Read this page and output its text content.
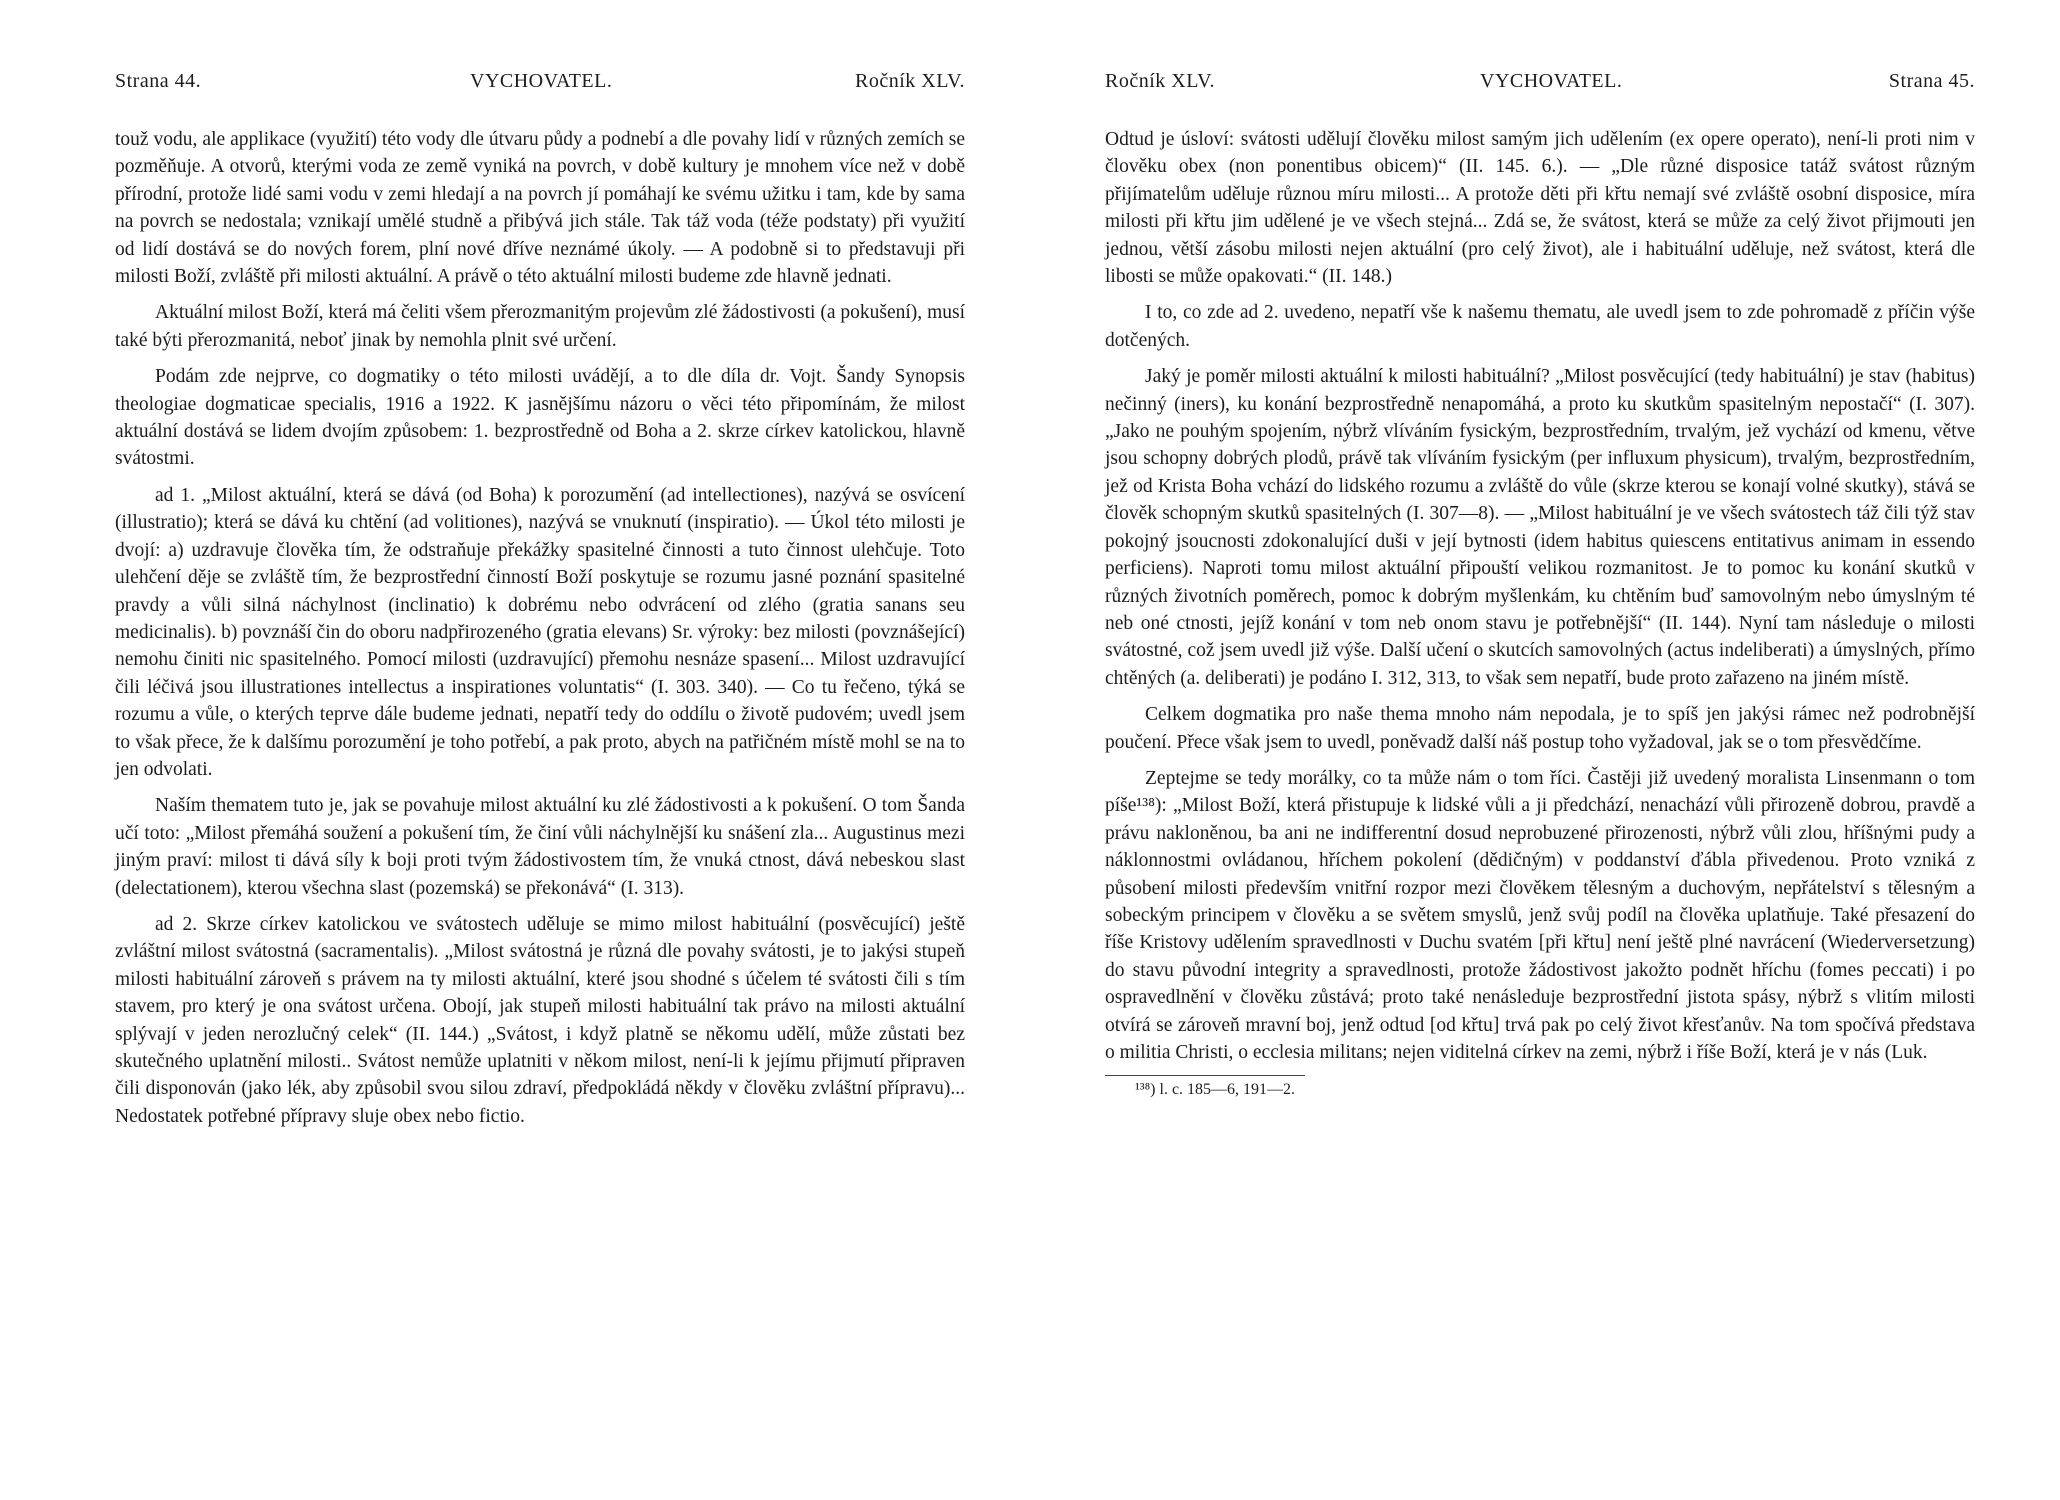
Strana 44.	VYCHOVATEL.	Ročník XLV.

touž vodu, ale applikace (využití) této vody dle útvaru půdy a podnebí a dle povahy lidí v různých zemích se pozměňuje. A otvorů, kterými voda ze země vyniká na povrch, v době kultury je mnohem více než v době přírodní, protože lidé sami vodu v zemi hledají a na povrch jí pomáhají ke svému užitku i tam, kde by sama na povrch se nedostala; vznikají umělé studně a přibývá jich stále. Tak táž voda (téže podstaty) při využití od lidí dostává se do nových forem, plní nové dříve neznámé úkoly. — A podobně si to představuji při milosti Boží, zvláště při milosti aktuální. A právě o této aktuální milosti budeme zde hlavně jednati.

Aktuální milost Boží, která má čeliti všem přerozmanitým projevům zlé žádostivosti (a pokušení), musí také býti přerozmanitá, neboť jinak by nemohla plnit své určení.

Podám zde nejprve, co dogmatiky o této milosti uvádějí, a to dle díla dr. Vojt. Šandy Synopsis theologiae dogmaticae specialis, 1916 a 1922. K jasnějšímu názoru o věci této připomínám, že milost aktuální dostává se lidem dvojím způsobem: 1. bezprostředně od Boha a 2. skrze církev katolickou, hlavně svátostmi.

ad 1. „Milost aktuální, která se dává (od Boha) k porozumění (ad intellectiones), nazývá se osvícení (illustratio); která se dává ku chtění (ad volitiones), nazývá se vnuknutí (inspiratio). — Úkol této milosti je dvojí: a) uzdravuje člověka tím, že odstraňuje překážky spasitelné činnosti a tuto činnost ulehčuje. Toto ulehčení děje se zvláště tím, že bezprostřední činností Boží poskytuje se rozumu jasné poznání spasitelné pravdy a vůli silná náchylnost (inclinatio) k dobrému nebo odvrácení od zlého (gratia sanans seu medicinalis). b) povznáší čin do oboru nadpřirozeného (gratia elevans) Sr. výroky: bez milosti (povznášející) nemohu činiti nic spasitelného. Pomocí milosti (uzdravující) přemohu nesnáze spasení... Milost uzdravující čili léčivá jsou illustrationes intellectus a inspirationes voluntatis“ (I. 303. 340). — Co tu řečeno, týká se rozumu a vůle, o kterých teprve dále budeme jednati, nepatří tedy do oddílu o životě pudovém; uvedl jsem to však přece, že k dalšímu porozumění je toho potřebí, a pak proto, abych na patřičném místě mohl se na to jen odvolati.

Naším thematem tuto je, jak se povahuje milost aktuální ku zlé žádostivosti a k pokušení. O tom Šanda učí toto: „Milost přemáhá soužení a pokušení tím, že činí vůli náchylnější ku snášení zla... Augustinus mezi jiným praví: milost ti dává síly k boji proti tvým žádostivostem tím, že vnuká ctnost, dává nebeskou slast (delectationem), kterou všechna slast (pozemská) se překonává“ (I. 313).

ad 2. Skrze církev katolickou ve svátostech uděluje se mimo milost habituální (posvěcující) ještě zvláštní milost svátostná (sacramentalis). „Milost svátostná je různá dle povahy svátosti, je to jakýsi stupeň milosti habituální zároveň s právem na ty milosti aktuální, které jsou shodné s účelem té svátosti čili s tím stavem, pro který je ona svátost určena. Obojí, jak stupeň milosti habituální tak právo na milosti aktuální splývají v jeden nerozlučný celek“ (II. 144.) „Svátost, i když platně se někomu udělí, může zůstati bez skutečného uplatnění milosti.. Svátost nemůže uplatniti v někom milost, není-li k jejímu přijmutí připraven čili disponován (jako lék, aby způsobil svou silou zdraví, předpokládá někdy v člověku zvláštní přípravu)... Nedostatek potřebné přípravy sluje obex nebo fictio.

Ročník XLV.	VYCHOVATEL.	Strana 45.

Odtud je úsloví: svátosti udělují člověku milost samým jich udělením (ex opere operato), není-li proti nim v člověku obex (non ponentibus obicem)“ (II. 145. 6.). — „Dle různé disposice tatáž svátost různým přijímatelům uděluje různou míru milosti... A protože děti při křtu nemají své zvláště osobní disposice, míra milosti při křtu jim udělené je ve všech stejná... Zdá se, že svátost, která se může za celý život přijmouti jen jednou, větší zásobu milosti nejen aktuální (pro celý život), ale i habituální uděluje, než svátost, která dle libosti se může opakovati.“ (II. 148.)

I to, co zde ad 2. uvedeno, nepatří vše k našemu thematu, ale uvedl jsem to zde pohromadě z příčin výše dotčených.

Jaký je poměr milosti aktuální k milosti habituální? „Milost posvěcující (tedy habituální) je stav (habitus) nečinný (iners), ku konání bezprostředně nenapomáhá, a proto ku skutkům spasitelným nepostačí“ (I. 307). „Jako ne pouhým spojením, nýbrž vlíváním fysickým, bezprostředním, trvalým, jež vychází od kmenu, větve jsou schopny dobrých plodů, právě tak vlíváním fysickým (per influxum physicum), trvalým, bezprostředním, jež od Krista Boha vchází do lidského rozumu a zvláště do vůle (skrze kterou se konají volné skutky), stává se člověk schopným skutků spasitelných (I. 307—8). — „Milost habituální je ve všech svátostech táž čili týž stav pokojný jsoucnosti zdokonalující duši v její bytnosti (idem habitus quiescens entitativus animam in essendo perficiens). Naproti tomu milost aktuální připouští velikou rozmanitost. Je to pomoc ku konání skutků v různých životních poměrech, pomoc k dobrým myšlenkám, ku chtěním buď samovolným nebo úmyslným té neb oné ctnosti, jejíž konání v tom neb onom stavu je potřebnější“ (II. 144). Nyní tam následuje o milosti svátostné, což jsem uvedl již výše. Další učení o skutcích samovolných (actus indeliberati) a úmyslných, přímo chtěných (a. deliberati) je podáno I. 312, 313, to však sem nepatří, bude proto zařazeno na jiném místě.

Celkem dogmatika pro naše thema mnoho nám nepodala, je to spíš jen jakýsi rámec než podrobnější poučení. Přece však jsem to uvedl, poněvadž další náš postup toho vyžadoval, jak se o tom přesvědčíme.

Zeptejme se tedy morálky, co ta může nám o tom říci. Častěji již uvedený moralista Linsenmann o tom píše¹³⁸): „Milost Boží, která přistupuje k lidské vůli a ji předchází, nenachází vůli přirozeně dobrou, pravdě a právu nakloněnou, ba ani ne indifferentní dosud neprobuzené přirozenosti, nýbrž vůli zlou, hříšnými pudy a náklonnostmi ovládanou, hříchem pokolení (dědičným) v poddanství ďábla přivedenou. Proto vzniká z působení milosti především vnitřní rozpor mezi člověkem tělesným a duchovým, nepřátelství s tělesným a sobeckým principem v člověku a se světem smyslů, jenž svůj podíl na člověka uplatňuje. Také přesazení do říše Kristovy udělením spravedlnosti v Duchu svatém [při křtu] není ještě plné navrácení (Wiederversetzung) do stavu původní integrity a spravedlnosti, protože žádostivost jakožto podnět hříchu (fomes peccati) i po ospravedlnění v člověku zůstává; proto také nenásleduje bezprostřední jistota spásy, nýbrž s vlitím milosti otvírá se zároveň mravní boj, jenž odtud [od křtu] trvá pak po celý život křesťanův. Na tom spočívá představa o militia Christi, o ecclesia militans; nejen viditelná církev na zemi, nýbrž i říše Boží, která je v nás (Luk.

¹³⁸) l. c. 185—6, 191—2.
